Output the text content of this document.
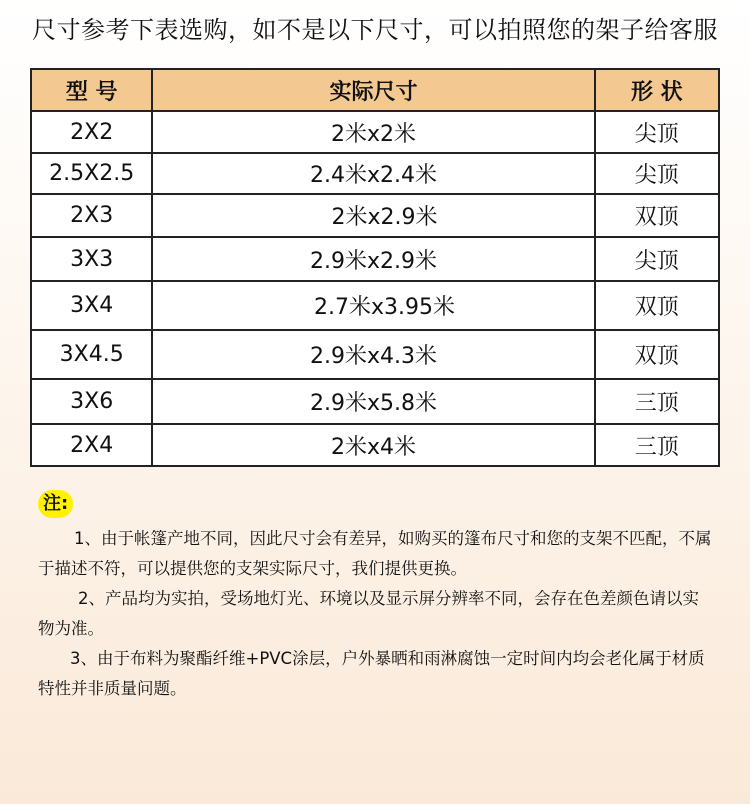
尺寸参考下表选购，如不是以下尺寸，可以拍照您的架子给客服
型 号	实际尺寸	形 状
2X2	2米x2米	尖顶
2.5X2.5	2.4米x2.4米	尖顶
2X3	2米x2.9米	双顶
3X3	2.9米x2.9米	尖顶
3X4	2.7米x3.95米	双顶
3X4.5	2.9米x4.3米	双顶
3X6	2.9米x5.8米	三顶
2X4	2米x4米	三顶
注:

1、由于帐篷产地不同，因此尺寸会有差异，如购买的篷布尺寸和您的支架不匹配，不属于描述不符，可以提供您的支架实际尺寸，我们提供更换。

2、产品均为实拍，受场地灯光、环境以及显示屏分辨率不同，会存在色差颜色请以实物为准。

3、由于布料为聚酯纤维+PVC涂层，户外暴晒和雨淋腐蚀一定时间内均会老化属于材质特性并非质量问题。
